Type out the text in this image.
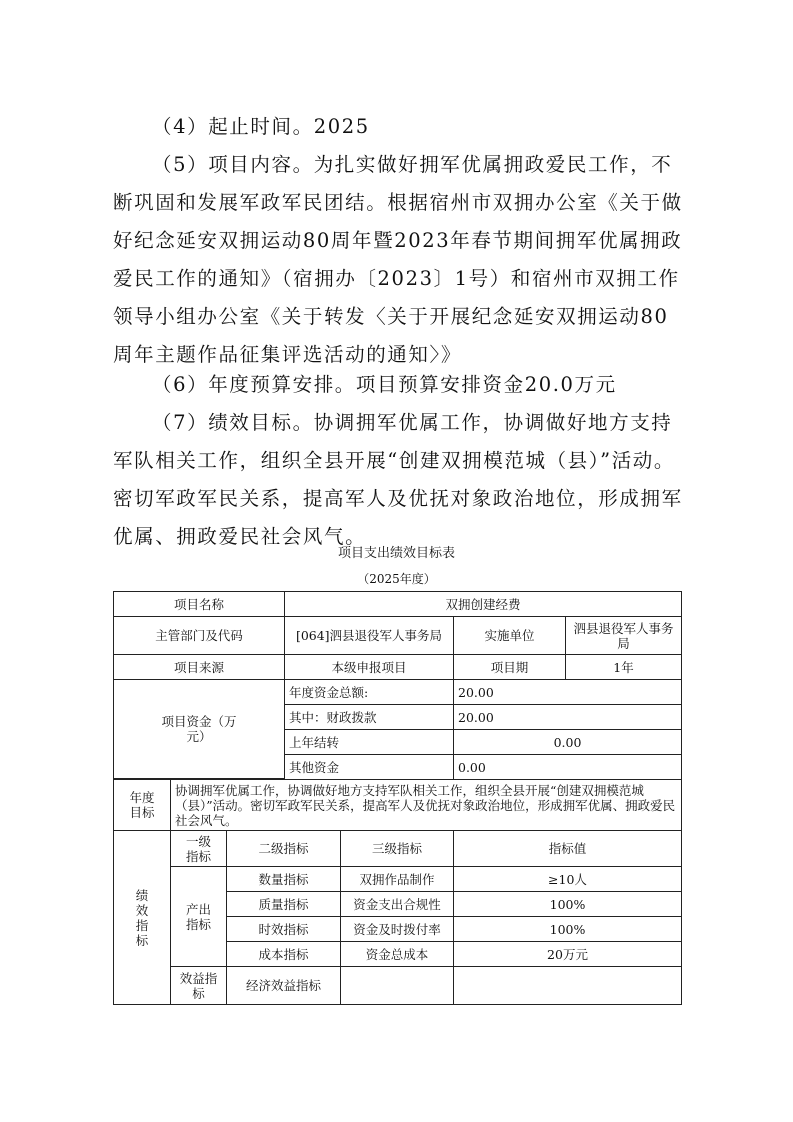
（4）起止时间。2025

（5）项目内容。为扎实做好拥军优属拥政爱民工作，不断巩固和发展军政军民团结。根据宿州市双拥办公室《关于做好纪念延安双拥运动80周年暨2023年春节期间拥军优属拥政爱民工作的通知》（宿拥办〔2023〕1号）和宿州市双拥工作领导小组办公室《关于转发〈关于开展纪念延安双拥运动80周年主题作品征集评选活动的通知〉》

（6）年度预算安排。项目预算安排资金20.0万元

（7）绩效目标。协调拥军优属工作，协调做好地方支持军队相关工作，组织全县开展“创建双拥模范城（县）”活动。密切军政军民关系，提高军人及优抚对象政治地位，形成拥军优属、拥政爱民社会风气。

项目支出绩效目标表
（2025年度）
项目名称	双拥创建经费
主管部门及代码	[064]泗县退役军人事务局	实施单位	泗县退役军人事务局
项目来源	本级申报项目	项目期	1年
项目资金（万元）
年度资金总额:	20.00
其中：财政拨款	20.00
上年结转	0.00
其他资金	0.00
年度目标
协调拥军优属工作，协调做好地方支持军队相关工作，组织全县开展“创建双拥模范城（县）”活动。密切军政军民关系，提高军人及优抚对象政治地位，形成拥军优属、拥政爱民社会风气。
绩效指标
一级指标	二级指标	三级指标	指标值
产出指标
数量指标	双拥作品制作	≥10人
质量指标	资金支出合规性	100%
时效指标	资金及时拨付率	100%
成本指标	资金总成本	20万元
效益指标	经济效益指标
